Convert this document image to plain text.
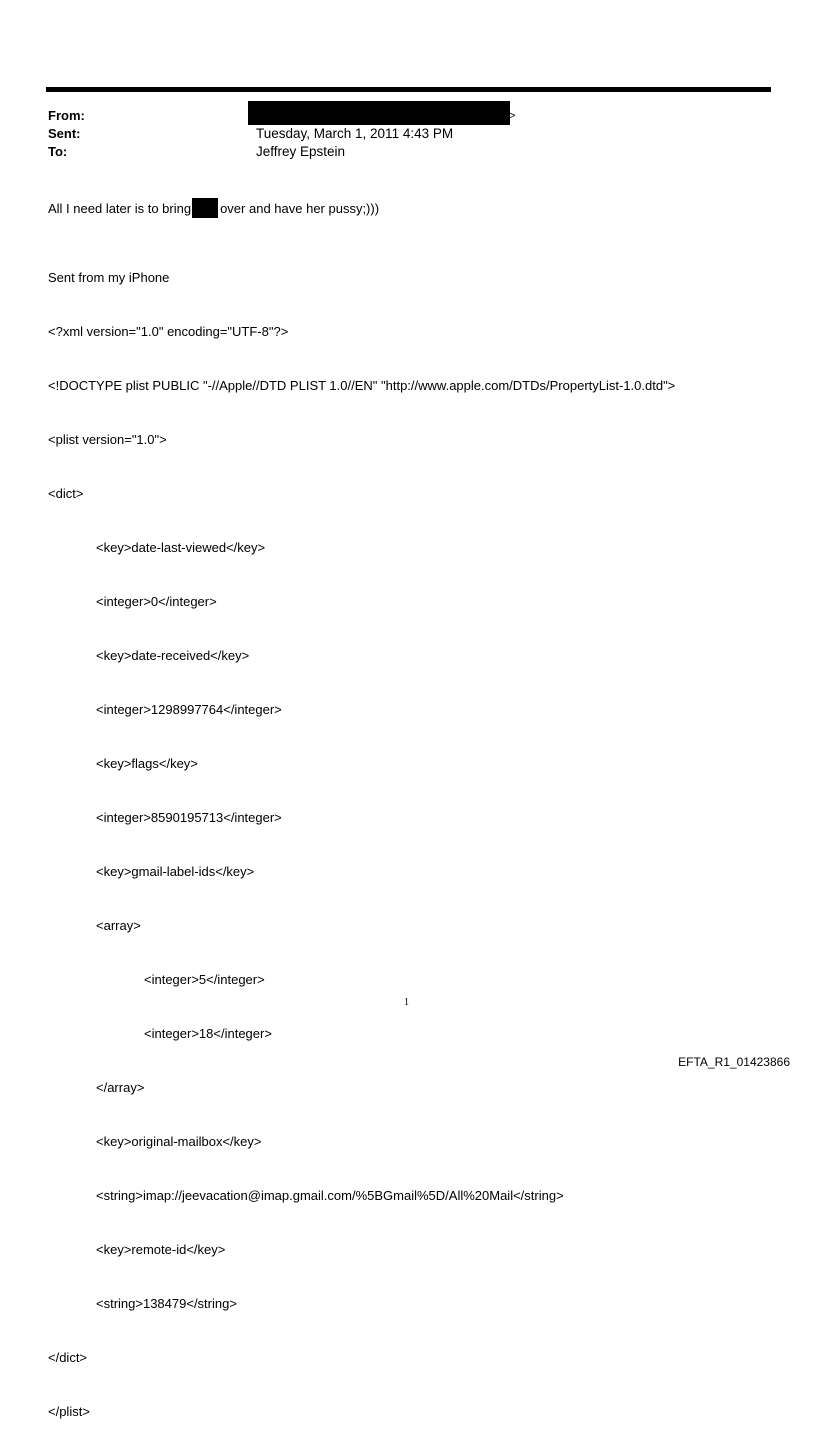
From:	>
Sent:	Tuesday, March 1, 2011 4:43 PM
To:	Jeffrey Epstein
All I need later is to bring over and have her pussy;)))

Sent from my iPhone

<?xml version="1.0" encoding="UTF-8"?>

<!DOCTYPE plist PUBLIC "-//Apple//DTD PLIST 1.0//EN" "http://www.apple.com/DTDs/PropertyList-1.0.dtd">

<plist version="1.0">

<dict>

<key>date-last-viewed</key>

<integer>0</integer>

<key>date-received</key>

<integer>1298997764</integer>

<key>flags</key>

<integer>8590195713</integer>

<key>gmail-label-ids</key>

<array>

<integer>5</integer>

<integer>18</integer>

</array>

<key>original-mailbox</key>

<string>imap://jeevacation@imap.gmail.com/%5BGmail%5D/All%20Mail</string>

<key>remote-id</key>

<string>138479</string>

</dict>

</plist>

1
EFTA_R1_01423866
